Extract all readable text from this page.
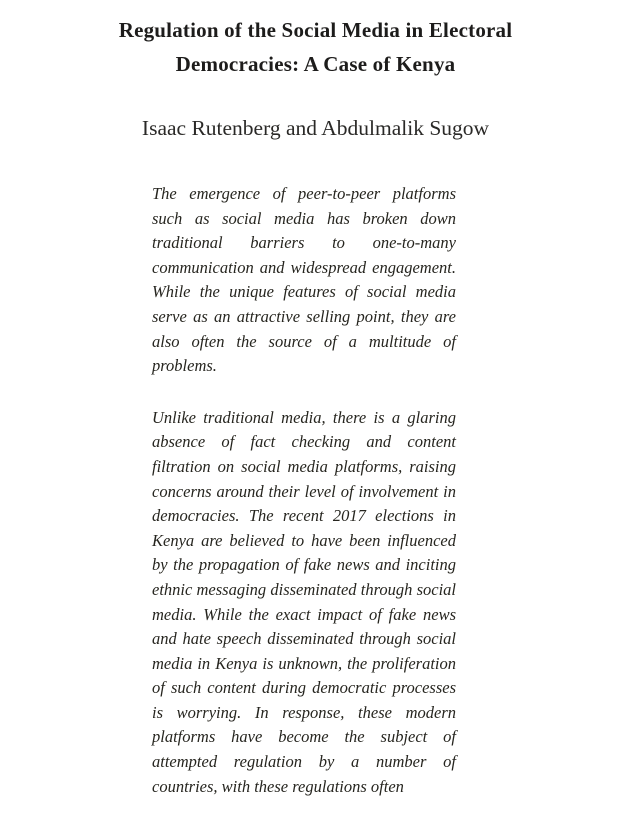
Regulation of the Social Media in Electoral
Democracies: A Case of Kenya
Isaac Rutenberg and Abdulmalik Sugow

The emergence of peer-to-peer platforms such as social media has broken down traditional barriers to one-to-many communication and widespread engagement. While the unique features of social media serve as an attractive selling point, they are also often the source of a multitude of problems.

Unlike traditional media, there is a glaring absence of fact checking and content filtration on social media platforms, raising concerns around their level of involvement in democracies. The recent 2017 elections in Kenya are believed to have been influenced by the propagation of fake news and inciting ethnic messaging disseminated through social media. While the exact impact of fake news and hate speech disseminated through social media in Kenya is unknown, the proliferation of such content during democratic processes is worrying. In response, these modern platforms have become the subject of attempted regulation by a number of countries, with these regulations often
